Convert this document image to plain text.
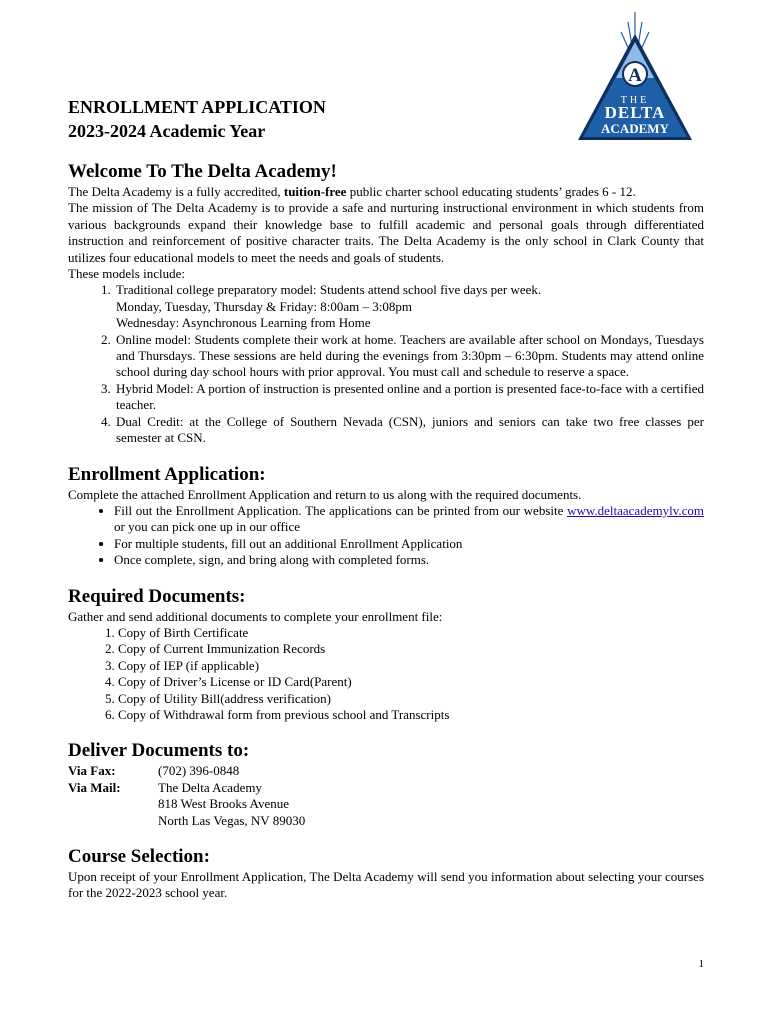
ENROLLMENT APPLICATION
2023-2024 Academic Year
A
THE
DELTA
ACADEMY
Welcome To The Delta Academy!

The Delta Academy is a fully accredited, tuition-free public charter school educating students’ grades 6 - 12.

The mission of The Delta Academy is to provide a safe and nurturing instructional environment in which students from various backgrounds expand their knowledge base to fulfill academic and personal goals through differentiated instruction and reinforcement of positive character traits. The Delta Academy is the only school in Clark County that utilizes four educational models to meet the needs and goals of students.

These models include:

1. Traditional college preparatory model: Students attend school five days per week.
Monday, Tuesday, Thursday & Friday: 8:00am – 3:08pm
Wednesday: Asynchronous Learning from Home
2. Online model: Students complete their work at home. Teachers are available after school on Mondays, Tuesdays and Thursdays. These sessions are held during the evenings from 3:30pm – 6:30pm. Students may attend online school during day school hours with prior approval. You must call and schedule to reserve a space.
3. Hybrid Model: A portion of instruction is presented online and a portion is presented face-to-face with a certified teacher.
4. Dual Credit: at the College of Southern Nevada (CSN), juniors and seniors can take two free classes per semester at CSN.
Enrollment Application:

Complete the attached Enrollment Application and return to us along with the required documents.

• Fill out the Enrollment Application. The applications can be printed from our website www.deltaacademylv.com or you can pick one up in our office
• For multiple students, fill out an additional Enrollment Application
• Once complete, sign, and bring along with completed forms.
Required Documents:

Gather and send additional documents to complete your enrollment file:

1. Copy of Birth Certificate
2. Copy of Current Immunization Records
3. Copy of IEP (if applicable)
4. Copy of Driver’s License or ID Card(Parent)
5. Copy of Utility Bill(address verification)
6. Copy of Withdrawal form from previous school and Transcripts
Deliver Documents to:
Via Fax:	(702) 396-0848
Via Mail:	The Delta Academy
818 West Brooks Avenue
North Las Vegas, NV 89030
Course Selection:

Upon receipt of your Enrollment Application, The Delta Academy will send you information about selecting your courses for the 2022-2023 school year.

1
